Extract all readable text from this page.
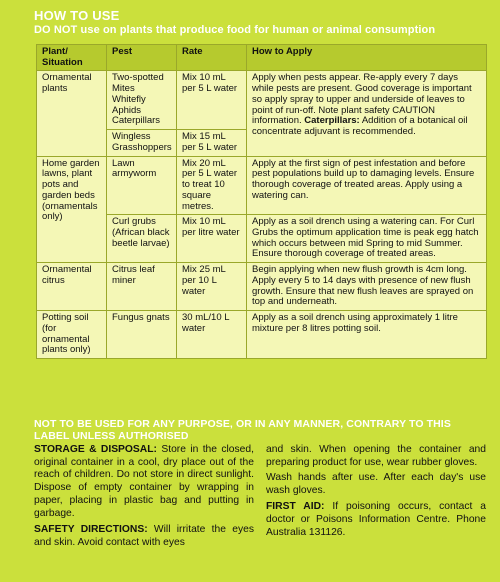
HOW TO USE
DO NOT use on plants that produce food for human or animal consumption
Plant/ Situation	Pest	Rate	How to Apply
Ornamental plants	Two-spotted Mites Whitefly Aphids Caterpillars	Mix 10 mL per 5 L water	Apply when pests appear. Re-apply every 7 days while pests are present. Good coverage is important so apply spray to upper and underside of leaves to point of run-off. Note plant safety CAUTION information. Caterpillars: Addition of a botanical oil concentrate adjuvant is recommended.
	Wingless Grasshoppers	Mix 15 mL per 5 L water	
Home garden lawns, plant pots and garden beds (ornamentals only)	Lawn armyworm	Mix 20 mL per 5 L water to treat 10 square metres.	Apply at the first sign of pest infestation and before pest populations build up to damaging levels. Ensure thorough coverage of treated areas. Apply using a watering can.
	Curl grubs (African black beetle larvae)	Mix 10 mL per litre water	Apply as a soil drench using a watering can. For Curl Grubs the optimum application time is peak egg hatch which occurs between mid Spring to mid Summer. Ensure thorough coverage of treated areas.
Ornamental citrus	Citrus leaf miner	Mix 25 mL per 10 L water	Begin applying when new flush growth is 4cm long. Apply every 5 to 14 days with presence of new flush growth. Ensure that new flush leaves are sprayed on top and underneath.
Potting soil (for ornamental plants only)	Fungus gnats	30 mL/10 L water	Apply as a soil drench using approximately 1 litre mixture per 8 litres potting soil.
NOT TO BE USED FOR ANY PURPOSE, OR IN ANY MANNER, CONTRARY TO THIS LABEL UNLESS AUTHORISED

STORAGE & DISPOSAL: Store in the closed, original container in a cool, dry place out of the reach of children. Do not store in direct sunlight. Dispose of empty container by wrapping in paper, placing in plastic bag and putting in garbage.

SAFETY DIRECTIONS: Will irritate the eyes and skin. Avoid contact with eyes

and skin. When opening the container and preparing product for use, wear rubber gloves.

Wash hands after use. After each day's use wash gloves.

FIRST AID: If poisoning occurs, contact a doctor or Poisons Information Centre. Phone Australia 131126.
